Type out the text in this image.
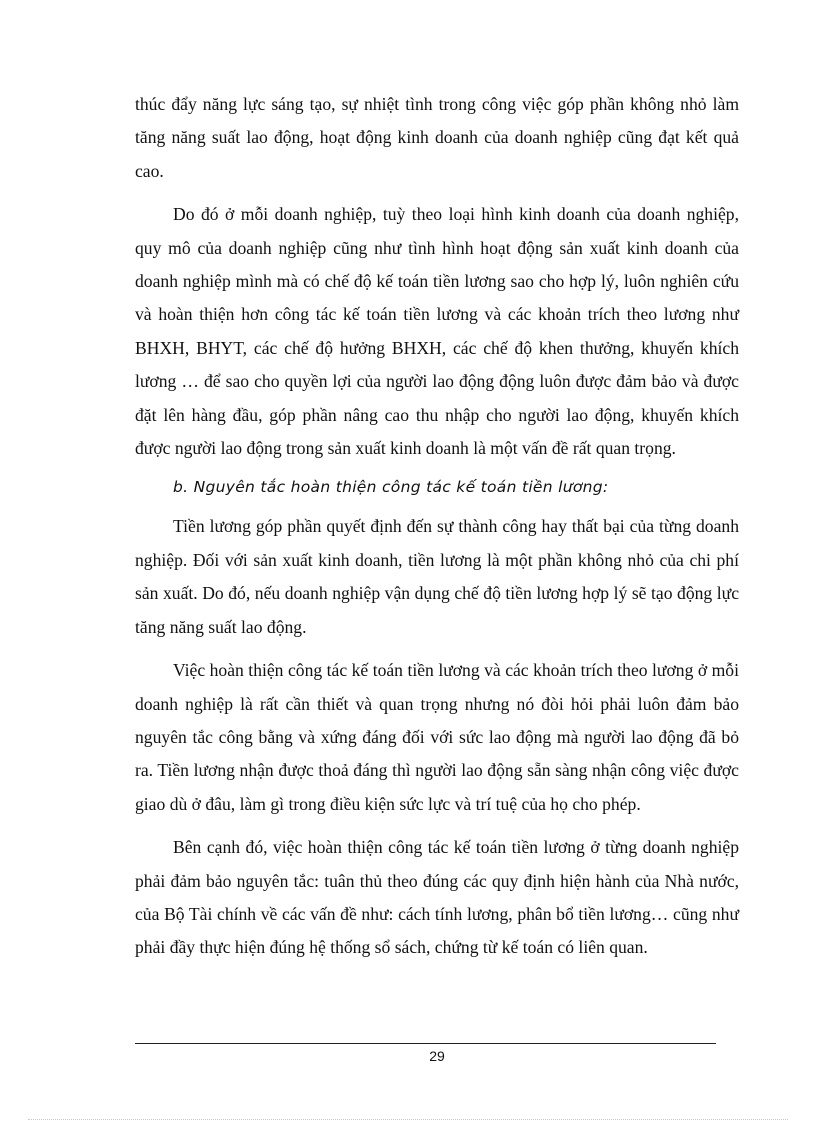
thúc đẩy năng lực sáng tạo, sự nhiệt tình trong công việc góp phần không nhỏ làm tăng năng suất lao động, hoạt động kinh doanh của doanh nghiệp cũng đạt kết quả cao.

Do đó ở mỗi doanh nghiệp, tuỳ theo loại hình kinh doanh của doanh nghiệp, quy mô của doanh nghiệp cũng như tình hình hoạt động sản xuất kinh doanh của doanh nghiệp mình mà có chế độ kế toán tiền lương sao cho hợp lý, luôn nghiên cứu và hoàn thiện hơn công tác kế toán tiền lương và các khoản trích theo lương như BHXH, BHYT, các chế độ hưởng BHXH, các chế độ khen thưởng, khuyến khích lương … để sao cho quyền lợi của người lao động động luôn được đảm bảo và được đặt lên hàng đầu, góp phần nâng cao thu nhập cho người lao động, khuyến khích được người lao động trong sản xuất kinh doanh là một vấn đề rất quan trọng.

b. Nguyên tắc hoàn thiện công tác kế toán tiền lương:

Tiền lương góp phần quyết định đến sự thành công hay thất bại của từng doanh nghiệp. Đối với sản xuất kinh doanh, tiền lương là một phần không nhỏ của chi phí sản xuất. Do đó, nếu doanh nghiệp vận dụng chế độ tiền lương hợp lý sẽ tạo động lực tăng năng suất lao động.

Việc hoàn thiện công tác kế toán tiền lương và các khoản trích theo lương ở mỗi doanh nghiệp là rất cần thiết và quan trọng nhưng nó đòi hỏi phải luôn đảm bảo nguyên tắc công bằng và xứng đáng đối với sức lao động mà người lao động đã bỏ ra. Tiền lương nhận được thoả đáng thì người lao động sẵn sàng nhận công việc được giao dù ở đâu, làm gì trong điều kiện sức lực và trí tuệ của họ cho phép.

Bên cạnh đó, việc hoàn thiện công tác kế toán tiền lương ở từng doanh nghiệp phải đảm bảo nguyên tắc: tuân thủ theo đúng các quy định hiện hành của Nhà nước, của Bộ Tài chính về các vấn đề như: cách tính lương, phân bổ tiền lương… cũng như phải đầy thực hiện đúng hệ thống sổ sách, chứng từ kế toán có liên quan.

29
